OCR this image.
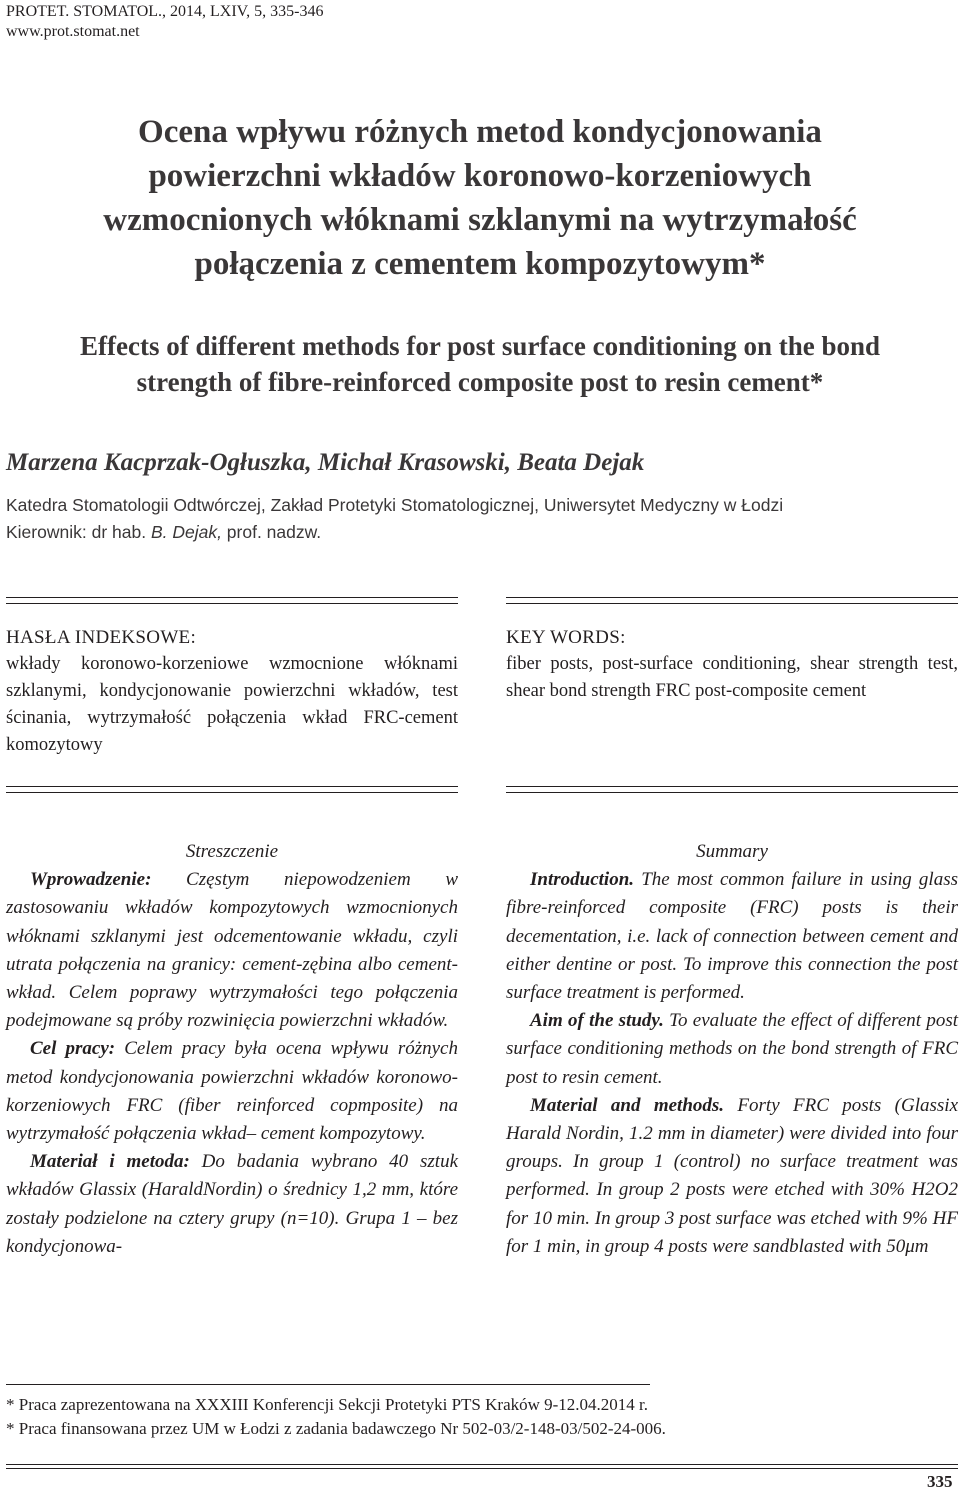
PROTET. STOMATOL., 2014, LXIV, 5, 335-346
www.prot.stomat.net
Ocena wpływu różnych metod kondycjonowania
powierzchni wkładów koronowo-korzeniowych
wzmocnionych włóknami szklanymi na wytrzymałość
połączenia z cementem kompozytowym*
Effects of different methods for post surface conditioning on the bond
strength of fibre-reinforced composite post to resin cement*
Marzena Kacprzak-Ogłuszka, Michał Krasowski, Beata Dejak
Katedra Stomatologii Odtwórczej, Zakład Protetyki Stomatologicznej, Uniwersytet Medyczny w Łodzi
Kierownik: dr hab. B. Dejak, prof. nadzw.
HASŁA INDEKSOWE:
wkłady koronowo-korzeniowe wzmocnione włóknami szklanymi, kondycjonowanie powierzchni wkładów, test ścinania, wytrzymałość połączenia wkład FRC-cement komozytowy
KEY WORDS:
fiber posts, post-surface conditioning, shear strength test, shear bond strength FRC post-composite cement

Streszczenie

Wprowadzenie: Częstym niepowodzeniem w zastosowaniu wkładów kompozytowych wzmocnionych włóknami szklanymi jest odcementowanie wkładu, czyli utrata połączenia na granicy: cement-zębina albo cement-wkład. Celem poprawy wytrzymałości tego połączenia podejmowane są próby rozwinięcia powierzchni wkładów.

Cel pracy: Celem pracy była ocena wpływu różnych metod kondycjonowania powierzchni wkładów koronowo-korzeniowych FRC (fiber reinforced copmposite) na wytrzymałość połączenia wkład– cement kompozytowy.

Materiał i metoda: Do badania wybrano 40 sztuk wkładów Glassix (HaraldNordin) o średnicy 1,2 mm, które zostały podzielone na cztery grupy (n=10). Grupa 1 – bez kondycjonowa-

Summary

Introduction. The most common failure in using glass fibre-reinforced composite (FRC) posts is their decementation, i.e. lack of connection between cement and either dentine or post. To improve this connection the post surface treatment is performed.

Aim of the study. To evaluate the effect of different post surface conditioning methods on the bond strength of FRC post to resin cement.

Material and methods. Forty FRC posts (Glassix Harald Nordin, 1.2 mm in diameter) were divided into four groups. In group 1 (control) no surface treatment was performed. In group 2 posts were etched with 30% H2O2 for 10 min. In group 3 post surface was etched with 9% HF for 1 min, in group 4 posts were sandblasted with 50μm

* Praca zaprezentowana na XXXIII Konferencji Sekcji Protetyki PTS Kraków 9-12.04.2014 r.
* Praca finansowana przez UM w Łodzi z zadania badawczego Nr 502-03/2-148-03/502-24-006.
335
